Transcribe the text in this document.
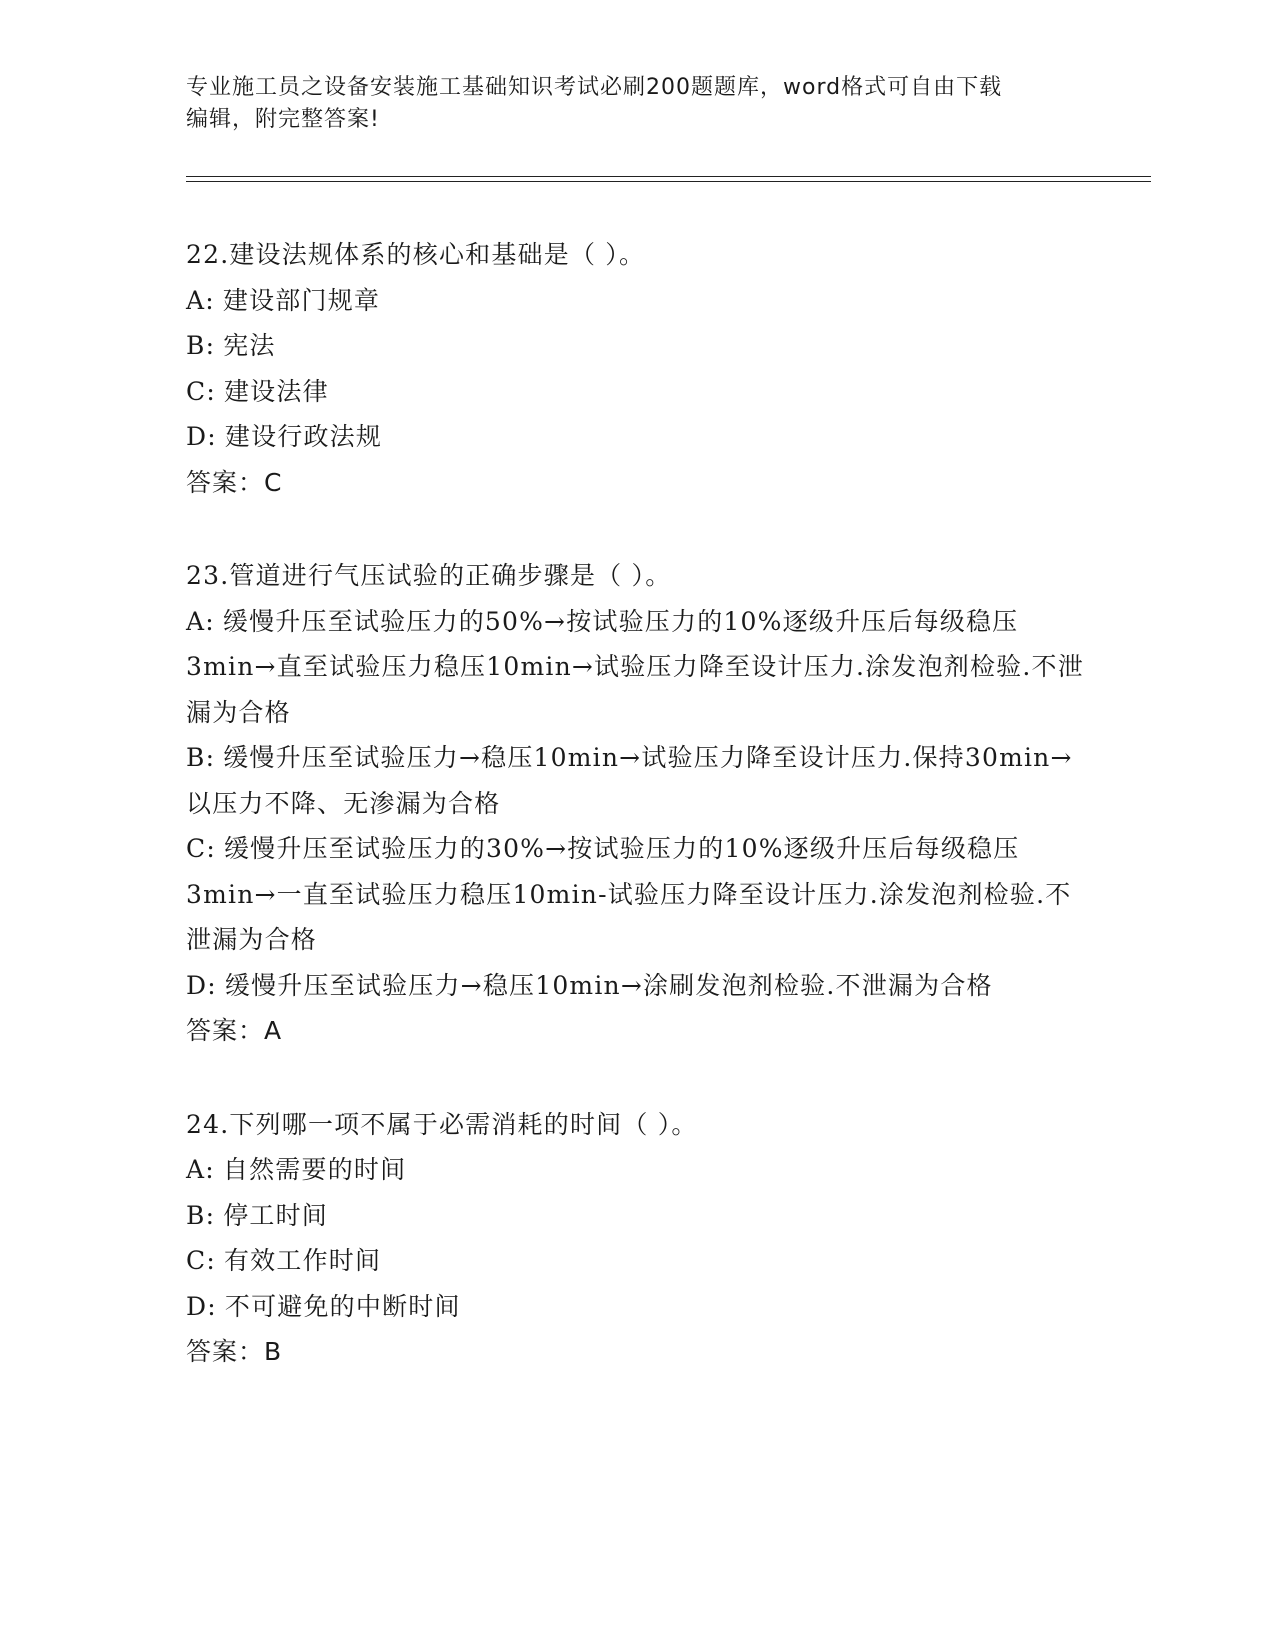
专业施工员之设备安装施工基础知识考试必刷200题题库，word格式可自由下载
编辑，附完整答案!

22.建设法规体系的核心和基础是（ ）。

A: 建设部门规章

B: 宪法

C: 建设法律

D: 建设行政法规

答案：C

23.管道进行气压试验的正确步骤是（ ）。

A: 缓慢升压至试验压力的50%→按试验压力的10%逐级升压后每级稳压3min→直至试验压力稳压10min→试验压力降至设计压力.涂发泡剂检验.不泄漏为合格

B: 缓慢升压至试验压力→稳压10min→试验压力降至设计压力.保持30min→以压力不降、无渗漏为合格

C: 缓慢升压至试验压力的30%→按试验压力的10%逐级升压后每级稳压3min→一直至试验压力稳压10min-试验压力降至设计压力.涂发泡剂检验.不泄漏为合格

D: 缓慢升压至试验压力→稳压10min→涂刷发泡剂检验.不泄漏为合格

答案：A

24.下列哪一项不属于必需消耗的时间（ ）。

A: 自然需要的时间

B: 停工时间

C: 有效工作时间

D: 不可避免的中断时间

答案：B
